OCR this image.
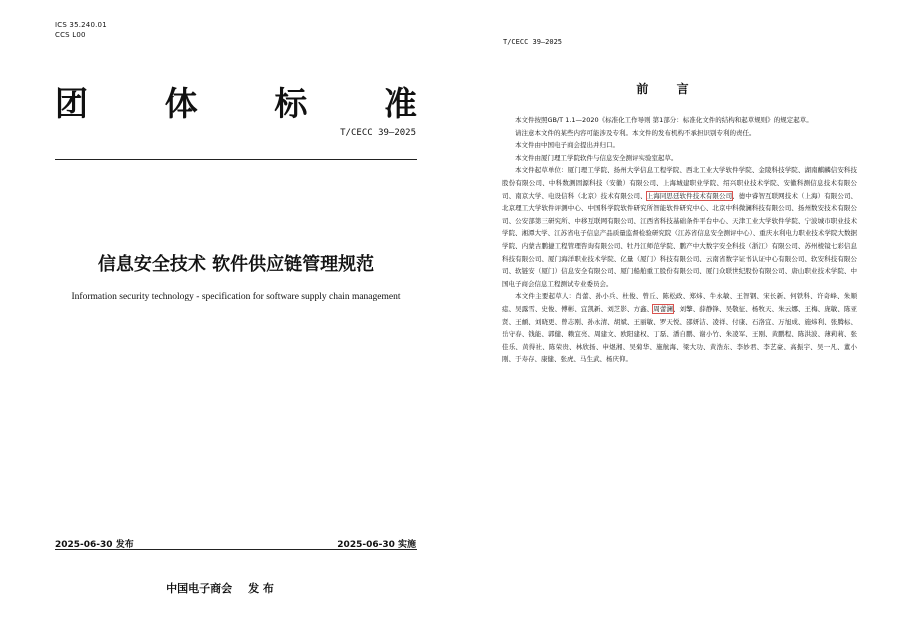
ICS 35.240.01
CCS L00
团 体 标 准
T/CECC 39—2025
信息安全技术 软件供应链管理规范
Information security technology - specification for software supply chain management
2025-06-30 发布	2025-06-30 实施
中国电子商会 发 布
T/CECC 39—2025
前 言

本文件按照GB/T 1.1—2020《标准化工作导则 第1部分：标准化文件的结构和起草规则》的规定起草。

请注意本文件的某些内容可能涉及专利。本文件的发布机构不承担识别专利的责任。

本文件由中国电子商会提出并归口。

本文件由厦门理工学院软件与信息安全测评实验室起草。

本文件起草单位：厦门理工学院、扬州大学信息工程学院、西北工业大学软件学院、金陵科技学院、湖南麒麟信安科技股份有限公司、中科数测固源科技（安徽）有限公司、上海城建职业学院、绍兴职业技术学院、安徽科测信息技术有限公司、南京大学、电设信科（北京）技术有限公司、上海同思廷软件技术有限公司、德中睿智互联网技术（上海）有限公司、北京理工大学软件评测中心、中国科学院软件研究所智能软件研究中心、北京中科微澜科技有限公司、扬州数安技术有限公司、公安部第三研究所、中移互联网有限公司、江西省科技基础条件平台中心、天津工业大学软件学院、宁波城市职业技术学院、湘潭大学、江苏省电子信息产品质量监督检验研究院（江苏省信息安全测评中心）、重庆水利电力职业技术学院大数据学院、内蒙古鹏捷工程管理咨询有限公司、牡丹江师范学院、鹏产中大数字安全科技（浙江）有限公司、苏州棱镜七彩信息科技有限公司、厦门海洋职业技术学院、亿量（厦门）科技有限公司、云南省数字证书认证中心有限公司、软安科技有限公司、软链安（厦门）信息安全有限公司、厦门船舶重工股份有限公司、厦门众联世纪股份有限公司、唐山职业技术学院、中国电子商会信息工程测试专业委员会。

本文件主要起草人：肖蕾、孙小兵、杜俊、曾丘、陈松政、郑炜、牛永敏、王智钢、宋长新、何铁科、许奇峰、朱顺痣、吴露雪、史俊、傅彬、宜凯新、刘芝影、方鑫、周蕾澜、刘擎、薛静锋、吴敬征、杨牧天、朱云娜、王梅、庞敏、陈亚贤、王頔、刘晓更、曾志刚、孙永清、胡斌、王丽敏、罗天悦、邵妍洁、凌祥、付康、石洛宜、万旭成、施炜利、张腾标、岳守春、钱能、郭健、赖宜亮、周建文、欧阳建权、丁磊、潘自鹏、谢小竹、朱凌军、王刚、黄鹏程、陈洪波、薄莉莉、张佳乐、黄得社、陈荣贵、林欣扬、申煜湘、吴菊华、施航海、梁大功、黄浩东、李妙君、李艺豪、高振宇、吴一凡、董小刚、于寿存、康健、张虎、马生武、杨庆仰。
